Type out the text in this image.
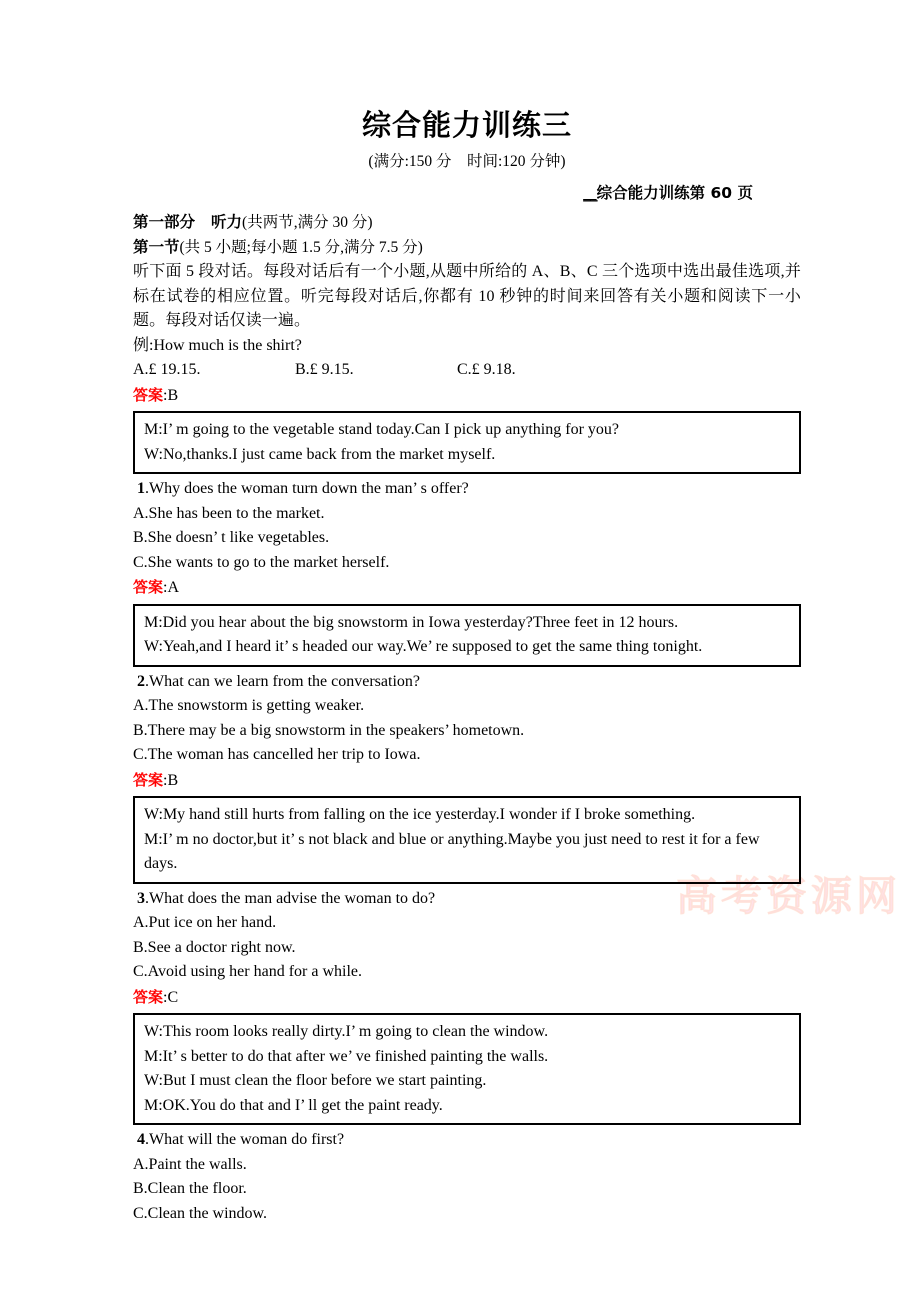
高考资源网
综合能力训练三

(满分:150 分　时间:120 分钟)

__综合能力训练第 60 页

第一部分 听力(共两节,满分 30 分)

第一节(共 5 小题;每小题 1.5 分,满分 7.5 分)

听下面 5 段对话。每段对话后有一个小题,从题中所给的 A、B、C 三个选项中选出最佳选项,并标在试卷的相应位置。听完每段对话后,你都有 10 秒钟的时间来回答有关小题和阅读下一小题。每段对话仅读一遍。

例:How much is the shirt?

A.£ 19.15.	B.£ 9.15.	C.£ 9.18.

答案:B

M:I’ m going to the vegetable stand today.Can I pick up anything for you?

W:No,thanks.I just came back from the market myself.

1.Why does the woman turn down the man’ s offer?

A.She has been to the market.

B.She doesn’ t like vegetables.

C.She wants to go to the market herself.

答案:A

M:Did you hear about the big snowstorm in Iowa yesterday?Three feet in 12 hours.

W:Yeah,and I heard it’ s headed our way.We’ re supposed to get the same thing tonight.

2.What can we learn from the conversation?

A.The snowstorm is getting weaker.

B.There may be a big snowstorm in the speakers’ hometown.

C.The woman has cancelled her trip to Iowa.

答案:B

W:My hand still hurts from falling on the ice yesterday.I wonder if I broke something.

M:I’ m no doctor,but it’ s not black and blue or anything.Maybe you just need to rest it for a few days.

3.What does the man advise the woman to do?

A.Put ice on her hand.

B.See a doctor right now.

C.Avoid using her hand for a while.

答案:C

W:This room looks really dirty.I’ m going to clean the window.

M:It’ s better to do that after we’ ve finished painting the walls.

W:But I must clean the floor before we start painting.

M:OK.You do that and I’ ll get the paint ready.

4.What will the woman do first?

A.Paint the walls.

B.Clean the floor.

C.Clean the window.
